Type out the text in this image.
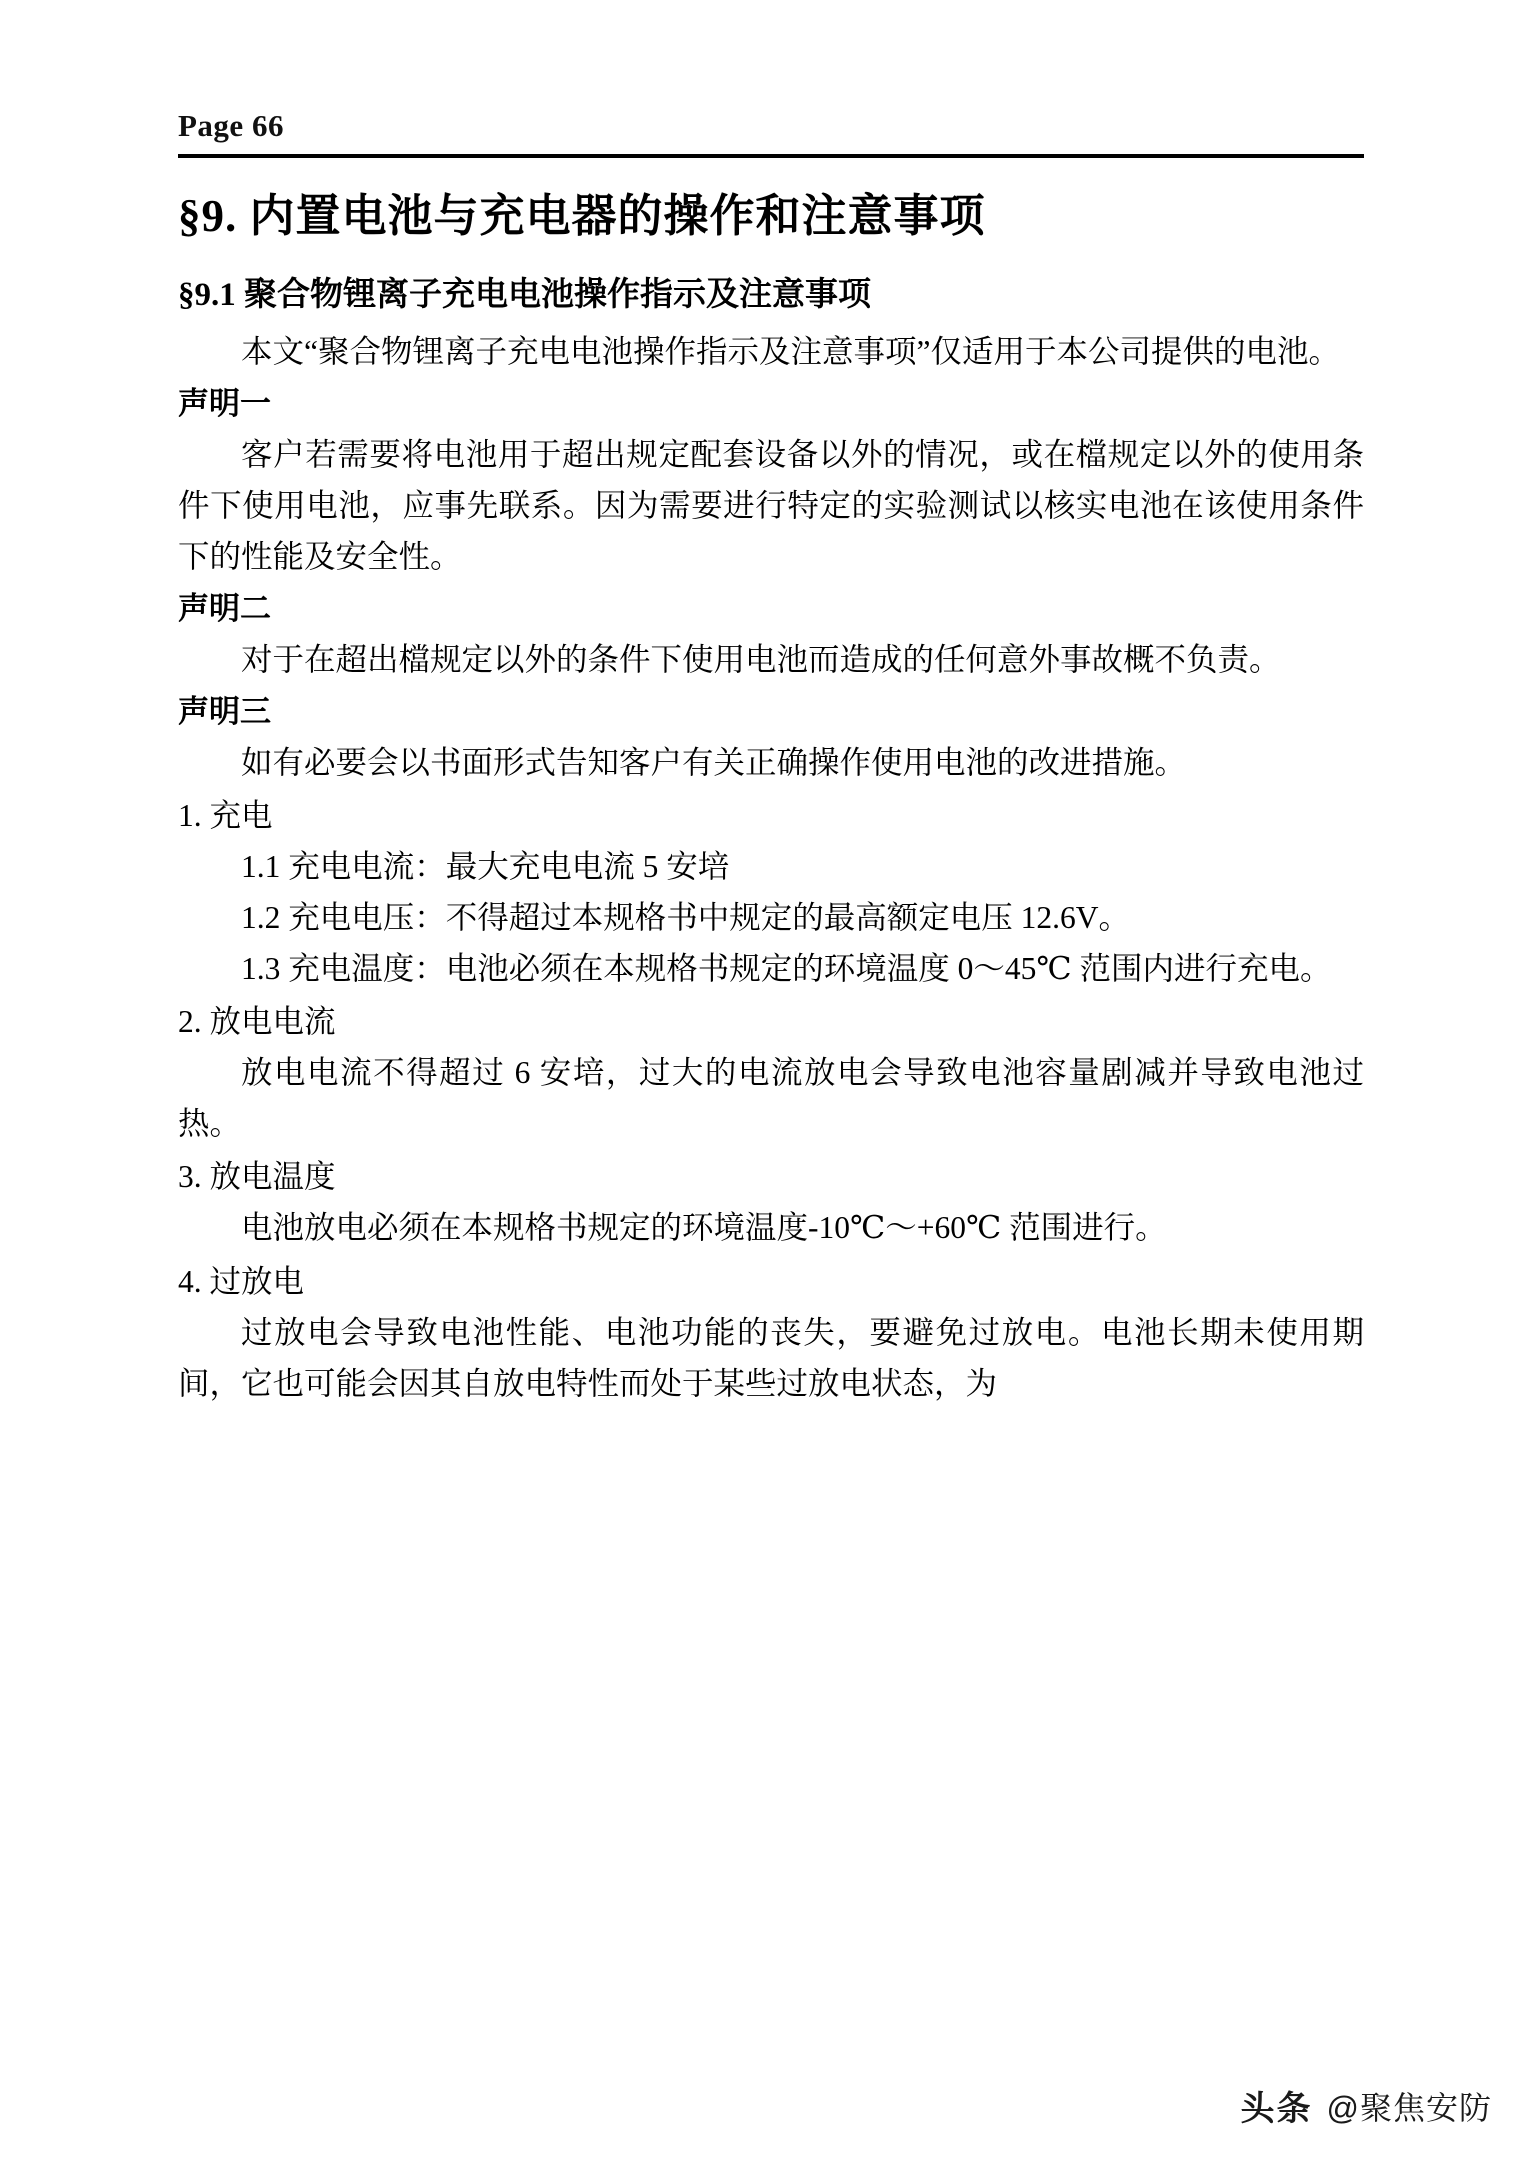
Page 66
§9. 内置电池与充电器的操作和注意事项
§9.1 聚合物锂离子充电电池操作指示及注意事项

本文“聚合物锂离子充电电池操作指示及注意事项”仅适用于本公司提供的电池。

声明一

客户若需要将电池用于超出规定配套设备以外的情况，或在檔规定以外的使用条件下使用电池，应事先联系。因为需要进行特定的实验测试以核实电池在该使用条件下的性能及安全性。

声明二

对于在超出檔规定以外的条件下使用电池而造成的任何意外事故概不负责。

声明三

如有必要会以书面形式告知客户有关正确操作使用电池的改进措施。

1. 充电

1.1 充电电流：最大充电电流 5 安培

1.2 充电电压：不得超过本规格书中规定的最高额定电压 12.6V。

1.3 充电温度：电池必须在本规格书规定的环境温度 0～45℃ 范围内进行充电。

2. 放电电流

放电电流不得超过 6 安培，过大的电流放电会导致电池容量剧减并导致电池过热。

3. 放电温度

电池放电必须在本规格书规定的环境温度-10℃～+60℃ 范围进行。

4. 过放电

过放电会导致电池性能、电池功能的丧失，要避免过放电。电池长期未使用期间，它也可能会因其自放电特性而处于某些过放电状态，为

头条 @聚焦安防
